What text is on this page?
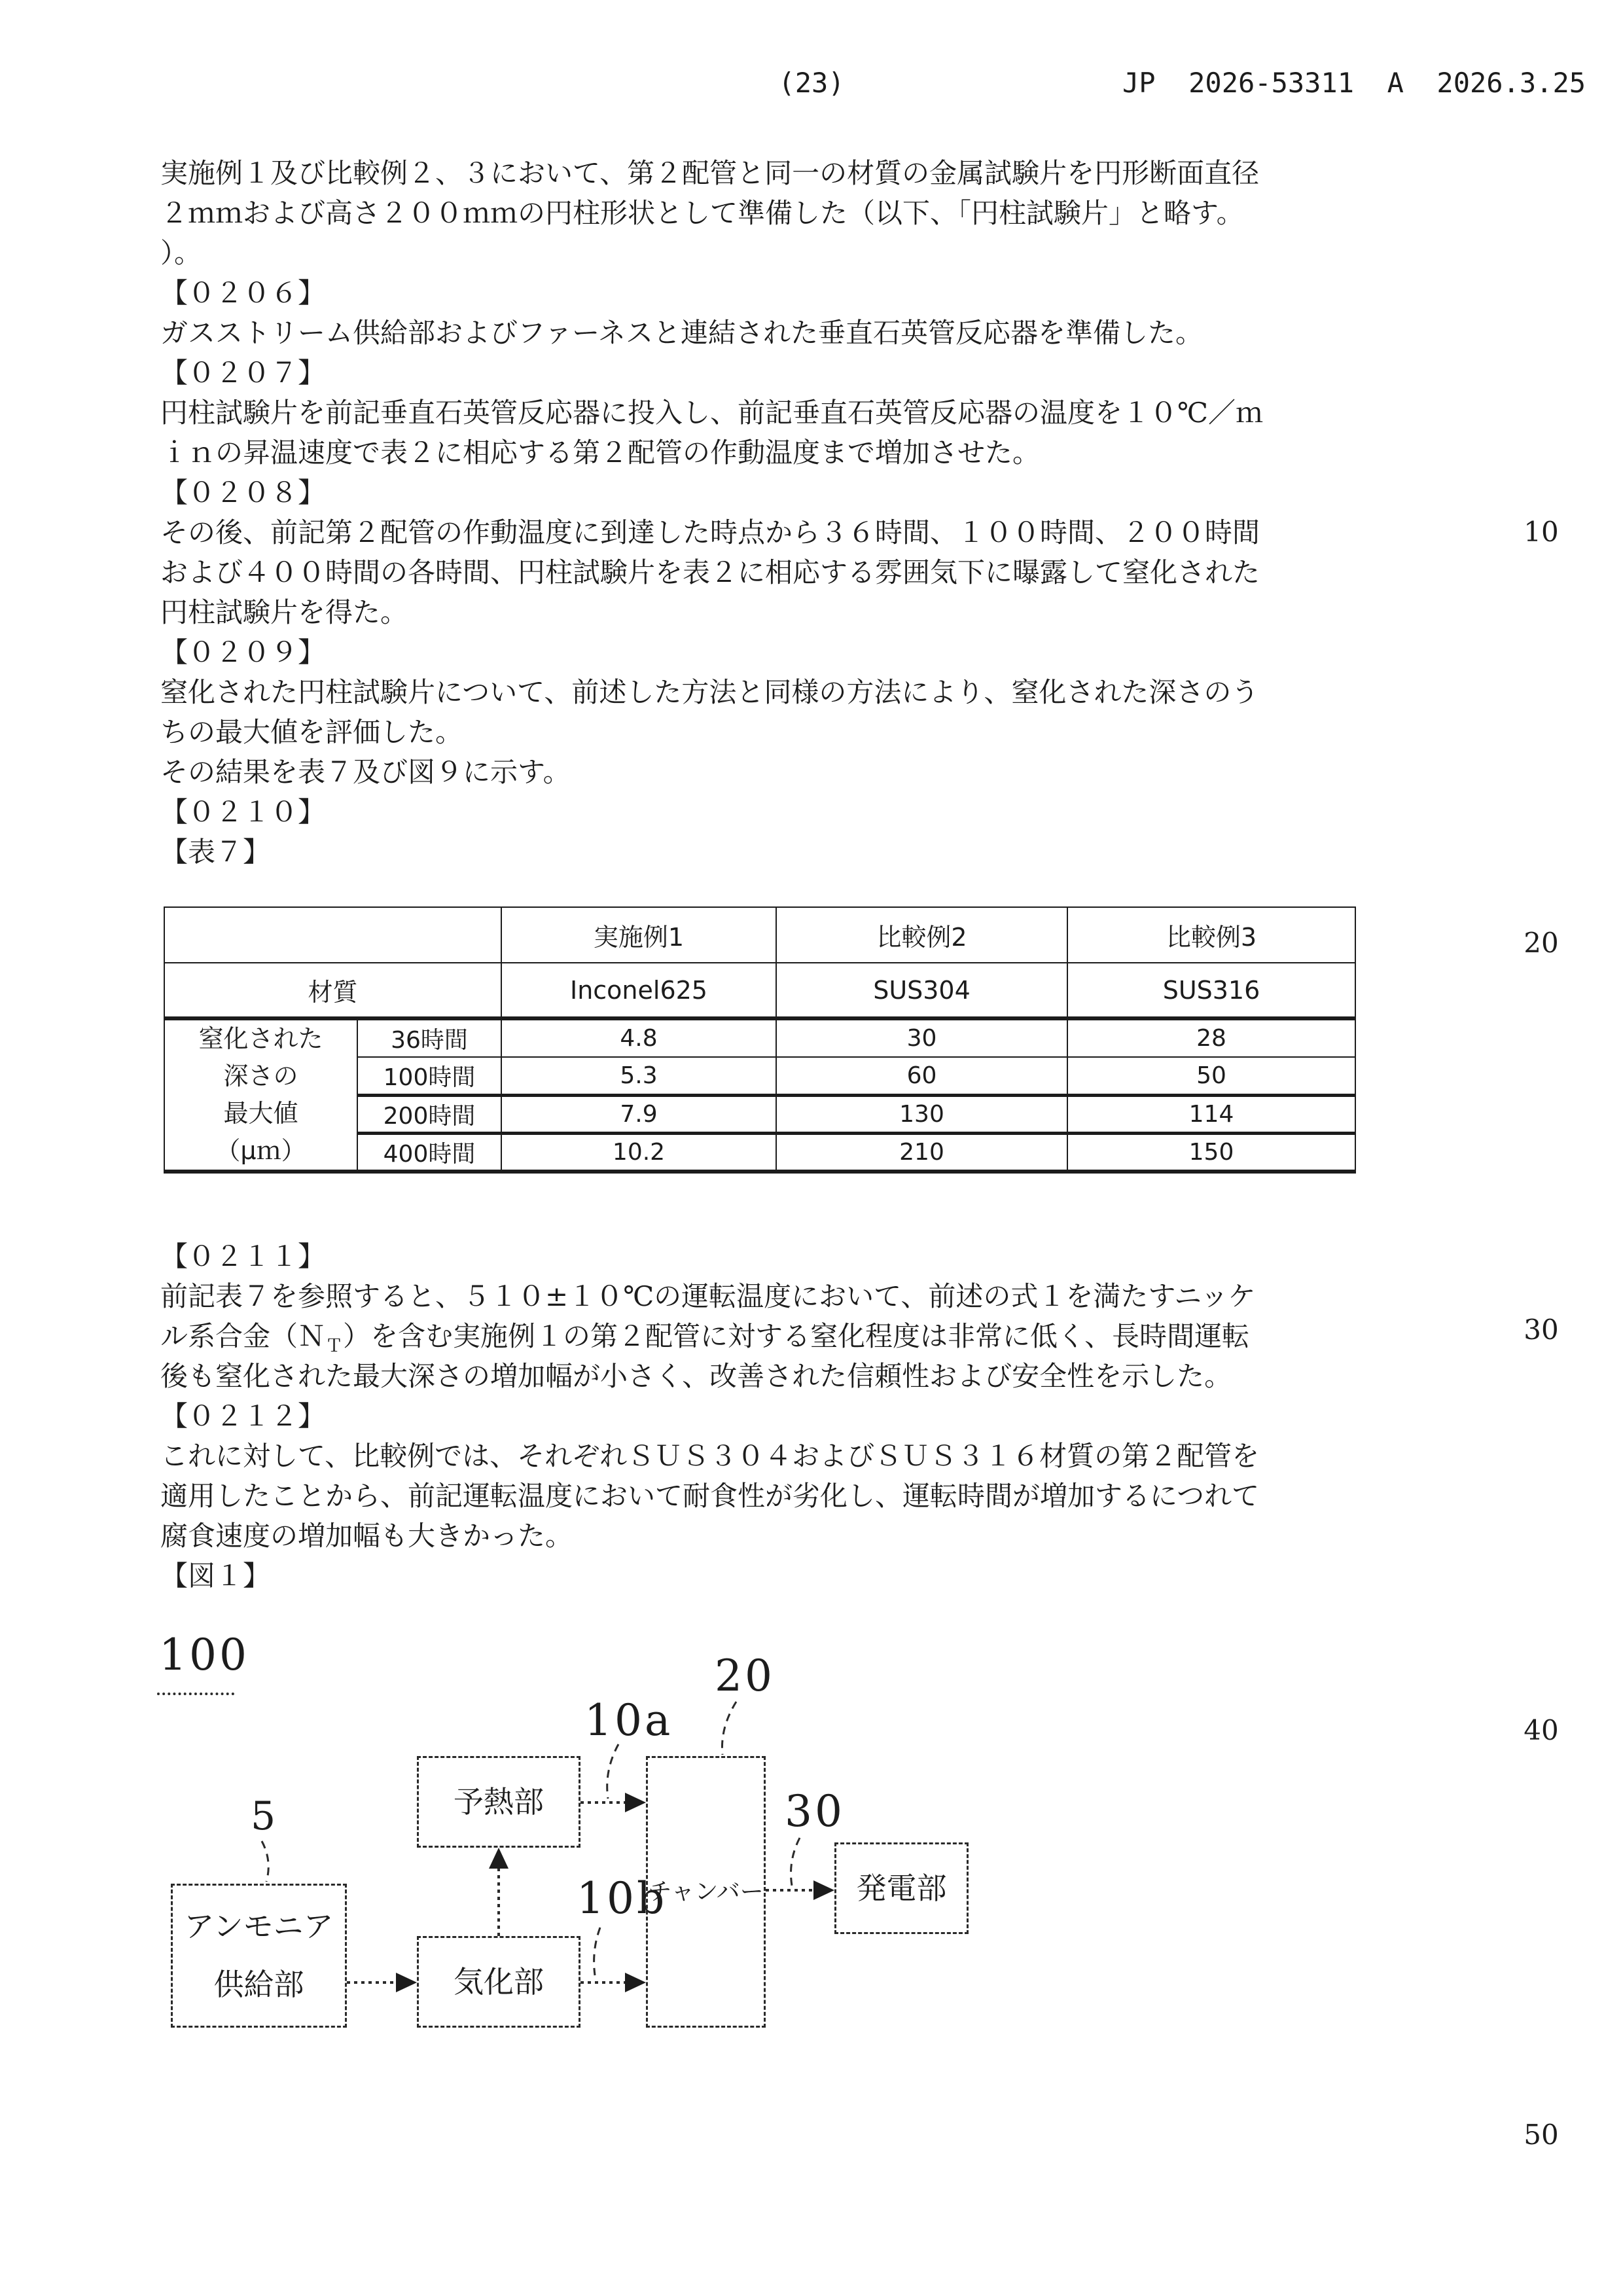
(23)	JP  2026-53311  A  2026.3.25
10
20
30
40
50
実施例１及び比較例２、３において、第２配管と同一の材質の金属試験片を円形断面直径
２ｍｍおよび高さ２００ｍｍの円柱形状として準備した（以下、「円柱試験片」と略す。
）。
【０２０６】
ガスストリーム供給部およびファーネスと連結された垂直石英管反応器を準備した。
【０２０７】
円柱試験片を前記垂直石英管反応器に投入し、前記垂直石英管反応器の温度を１０℃／ｍ
ｉｎの昇温速度で表２に相応する第２配管の作動温度まで増加させた。
【０２０８】
その後、前記第２配管の作動温度に到達した時点から３６時間、１００時間、２００時間
および４００時間の各時間、円柱試験片を表２に相応する雰囲気下に曝露して窒化された
円柱試験片を得た。
【０２０９】
窒化された円柱試験片について、前述した方法と同様の方法により、窒化された深さのう
ちの最大値を評価した。
その結果を表７及び図９に示す。
【０２１０】
【表７】
		実施例1	比較例2	比較例3
材質		Inconel625	SUS304	SUS316

窒化された
深さの
最大値
（μｍ）	36時間	4.8	30	28
	100時間	5.3	60	50
	200時間	7.9	130	114
	400時間	10.2	210	150
【０２１１】
前記表７を参照すると、５１０±１０℃の運転温度において、前述の式１を満たすニッケ
ル系合金（Ｎ$_T$）を含む実施例１の第２配管に対する窒化程度は非常に低く、長時間運転
後も窒化された最大深さの増加幅が小さく、改善された信頼性および安全性を示した。
【０２１２】
これに対して、比較例では、それぞれＳＵＳ３０４およびＳＵＳ３１６材質の第２配管を
適用したことから、前記運転温度において耐食性が劣化し、運転時間が増加するにつれて
腐食速度の増加幅も大きかった。
【図１】
100
5
10a
20
10b
30
アンモニア
供給部
予熱部
気化部
チャンバー	発電部
